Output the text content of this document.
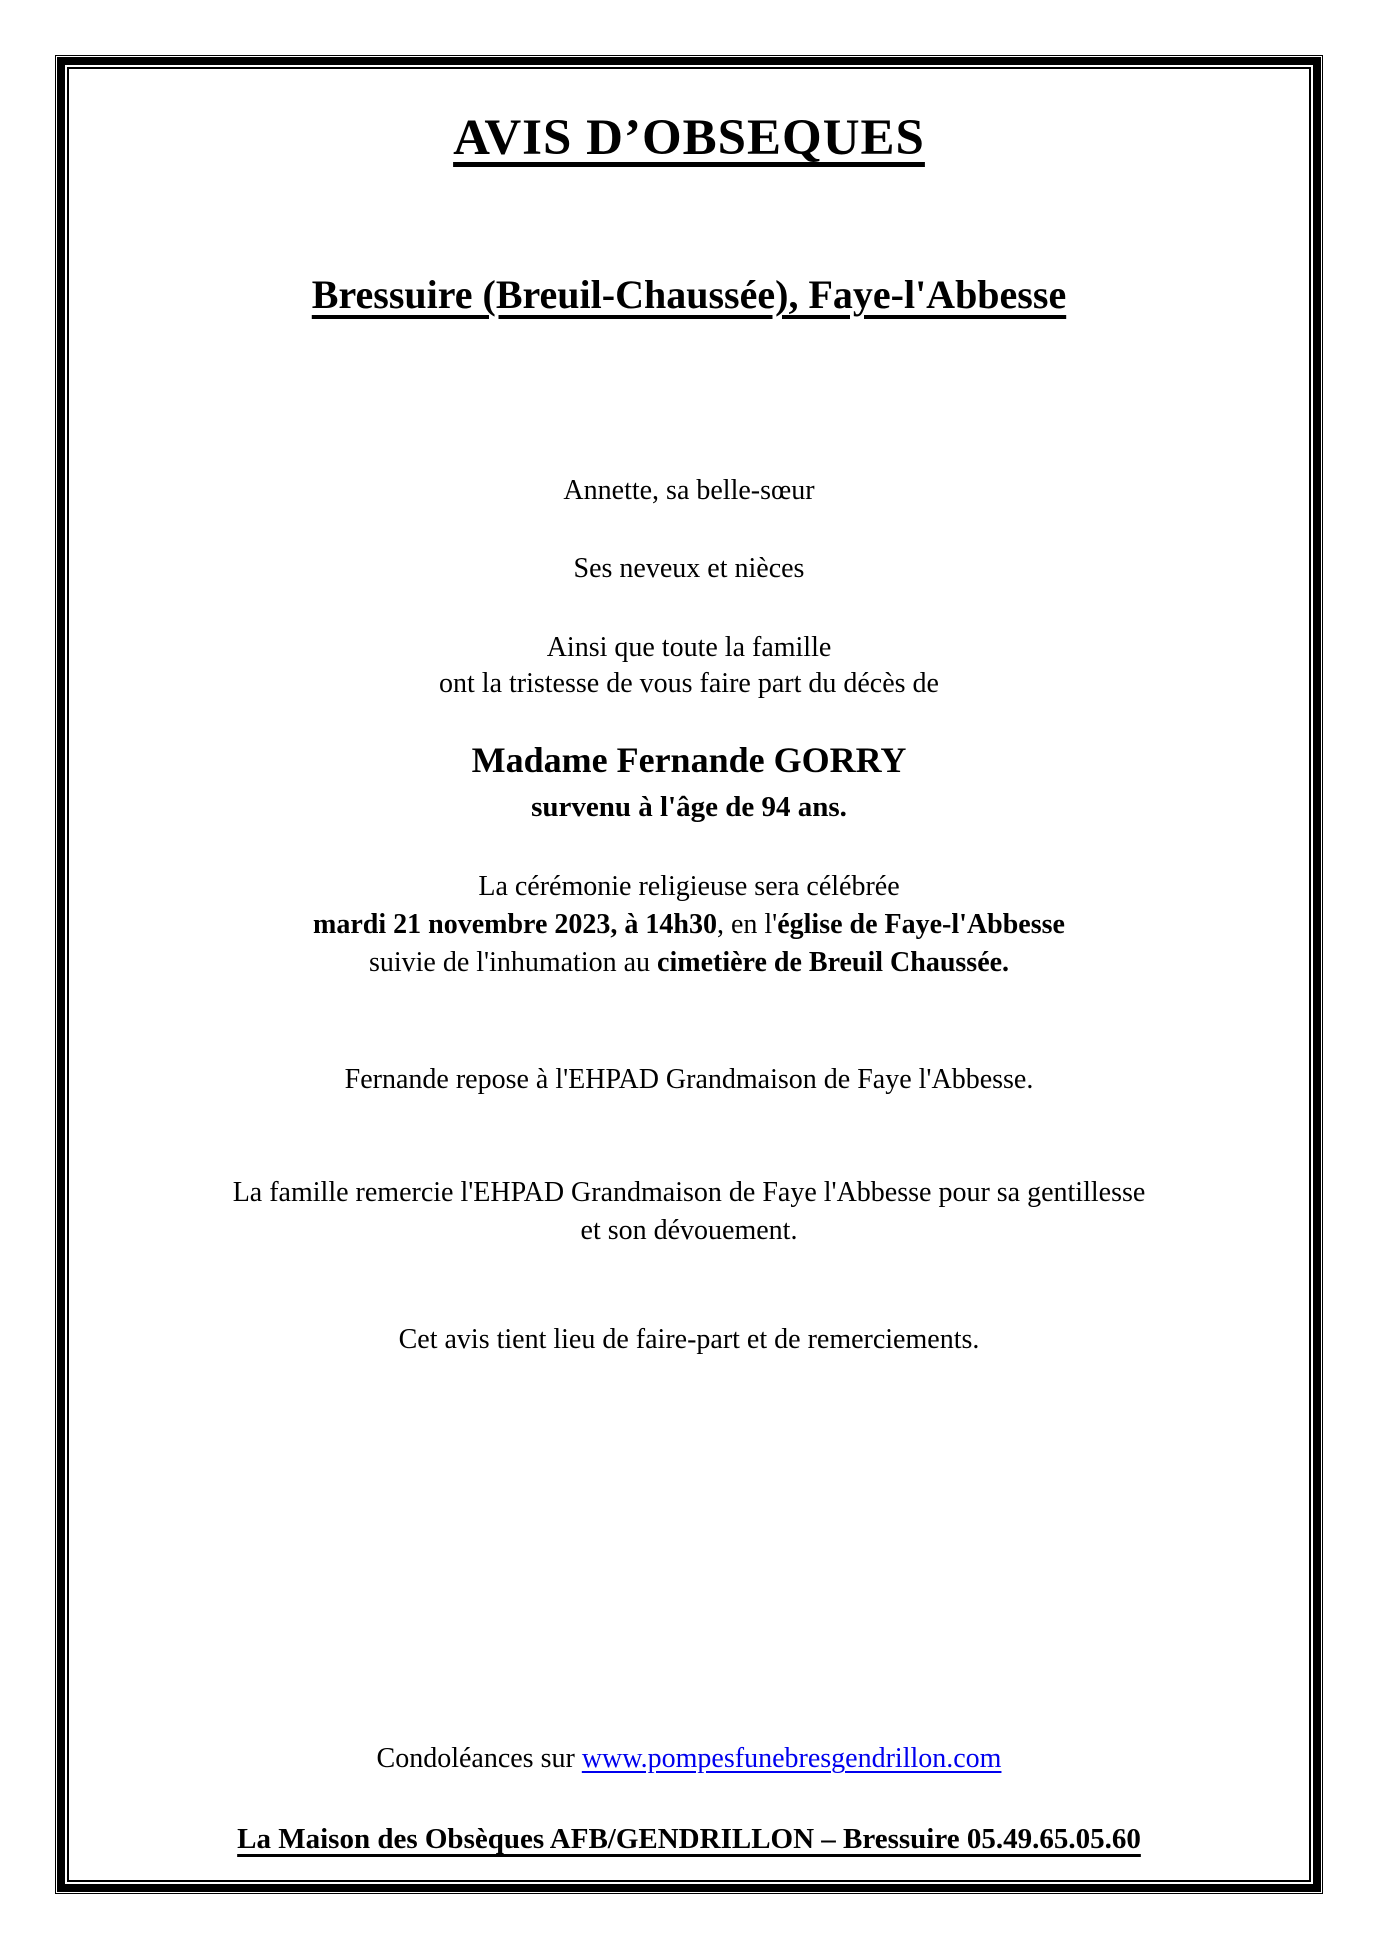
AVIS D’OBSEQUES
Bressuire (Breuil-Chaussée), Faye-l'Abbesse

Annette, sa belle-sœur

Ses neveux et nièces

Ainsi que toute la famille

ont la tristesse de vous faire part du décès de

Madame Fernande GORRY

survenu à l'âge de 94 ans.

La cérémonie religieuse sera célébrée

mardi 21 novembre 2023, à 14h30, en l'église de Faye-l'Abbesse

suivie de l'inhumation au cimetière de Breuil Chaussée.

Fernande repose à l'EHPAD Grandmaison de Faye l'Abbesse.

La famille remercie l'EHPAD Grandmaison de Faye l'Abbesse pour sa gentillesse

et son dévouement.

Cet avis tient lieu de faire-part et de remerciements.

Condoléances sur www.pompesfunebresgendrillon.com

La Maison des Obsèques AFB/GENDRILLON – Bressuire 05.49.65.05.60
